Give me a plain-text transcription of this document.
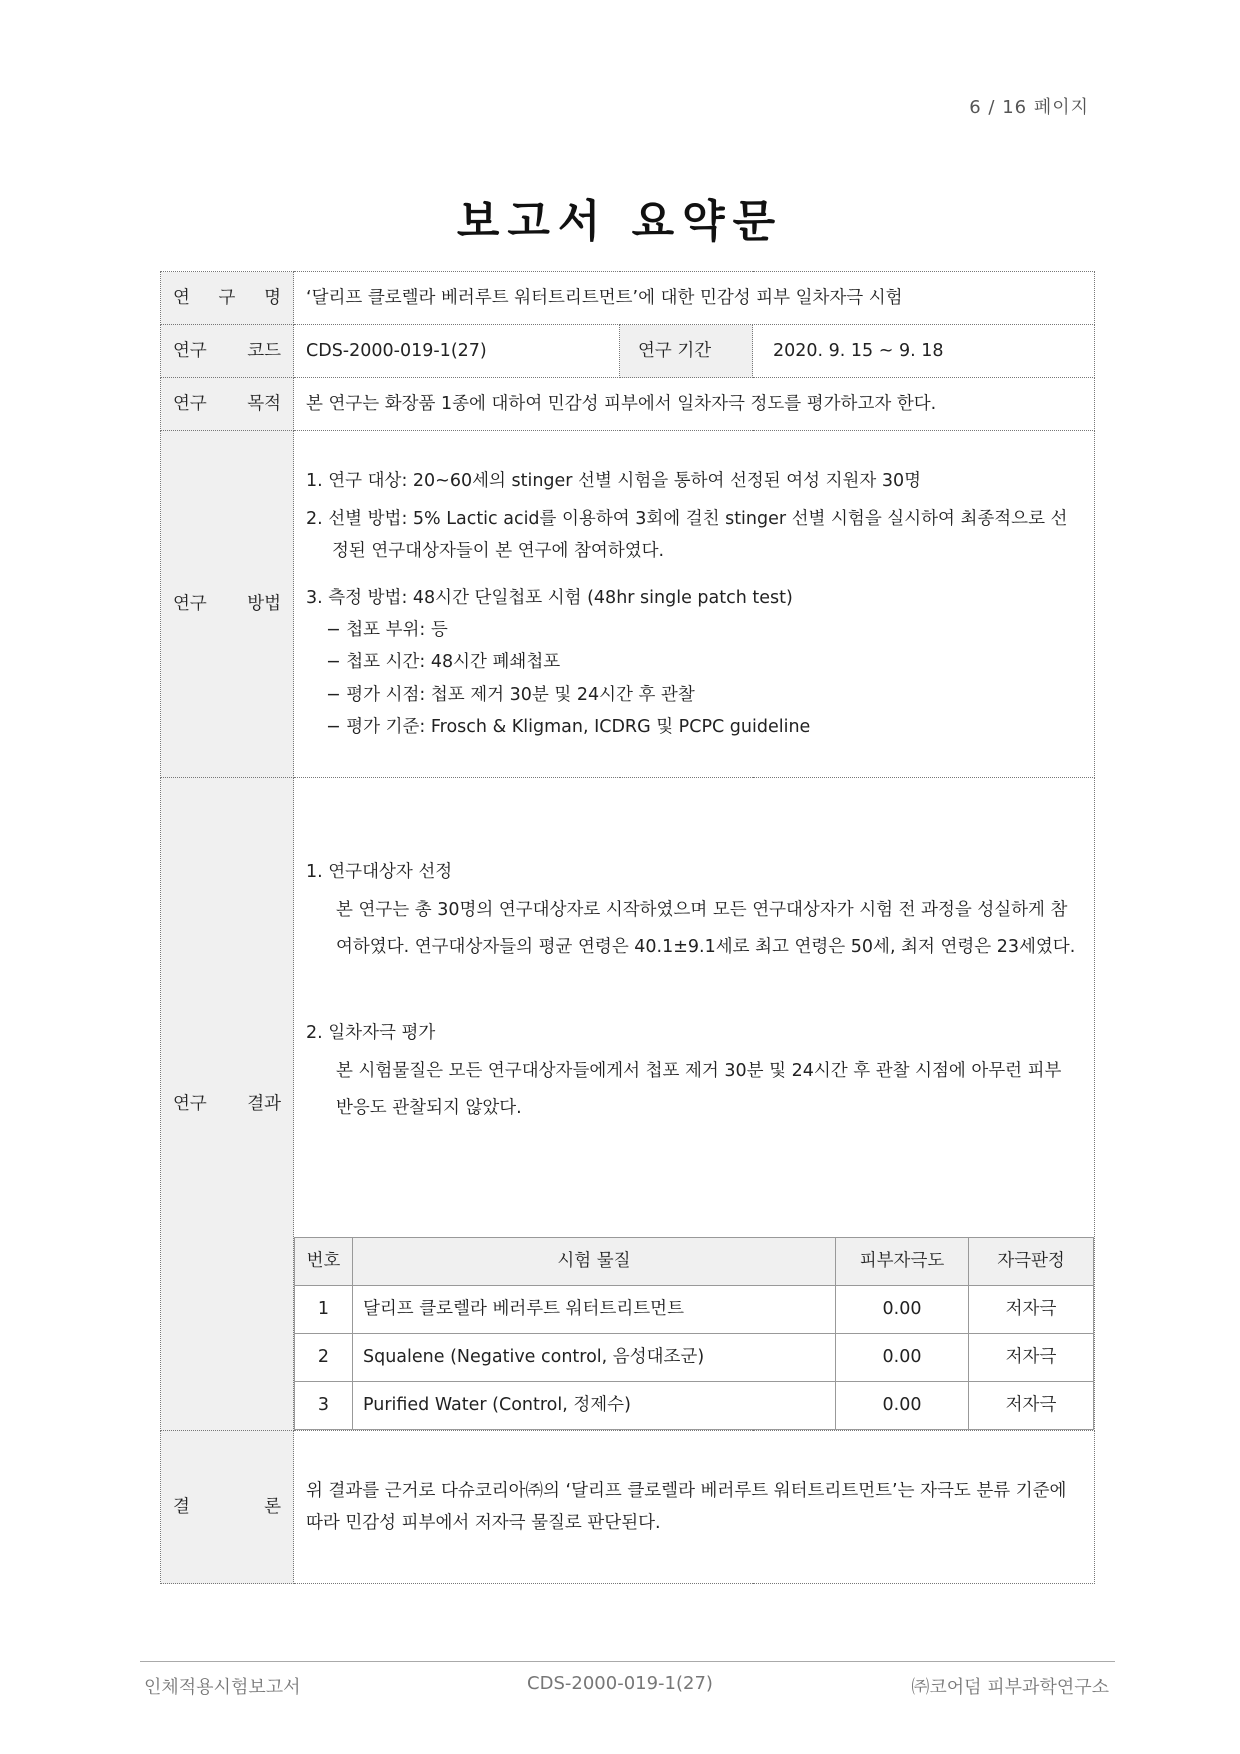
6 / 16 페이지
보고서 요약문
연 구 명	‘달리프 클로렐라 베러루트 워터트리트먼트’에 대한 민감성 피부 일차자극 시험

연구 코드	CDS-2000-019-1(27)	연구 기간	2020. 9. 15 ~ 9. 18

연구 목적	본 연구는 화장품 1종에 대하여 민감성 피부에서 일차자극 정도를 평가하고자 한다.

연구 방법

1. 연구 대상: 20~60세의 stinger 선별 시험을 통하여 선정된 여성 지원자 30명
2. 선별 방법: 5% Lactic acid를 이용하여 3회에 걸친 stinger 선별 시험을 실시하여 최종적으로 선정된 연구대상자들이 본 연구에 참여하였다.
3. 측정 방법: 48시간 단일첩포 시험 (48hr single patch test)
− 첩포 부위: 등
− 첩포 시간: 48시간 폐쇄첩포
− 평가 시점: 첩포 제거 30분 및 24시간 후 관찰
− 평가 기준: Frosch & Kligman, ICDRG 및 PCPC guideline

연구 결과

1. 연구대상자 선정

본 연구는 총 30명의 연구대상자로 시작하였으며 모든 연구대상자가 시험 전 과정을 성실하게 참여하였다. 연구대상자들의 평균 연령은 40.1±9.1세로 최고 연령은 50세, 최저 연령은 23세였다.

2. 일차자극 평가

본 시험물질은 모든 연구대상자들에게서 첩포 제거 30분 및 24시간 후 관찰 시점에 아무런 피부 반응도 관찰되지 않았다.

번호	시험 물질	피부자극도	자극판정
1	달리프 클로렐라 베러루트 워터트리트먼트	0.00	저자극
2	Squalene (Negative control, 음성대조군)	0.00	저자극
3	Purified Water (Control, 정제수)	0.00	저자극

결	론
	위 결과를 근거로 다슈코리아㈜의 ‘달리프 클로렐라 베러루트 워터트리트먼트’는 자극도 분류 기준에 따라 민감성 피부에서 저자극 물질로 판단된다.
인체적용시험보고서	CDS-2000-019-1(27)	㈜코어덤 피부과학연구소
